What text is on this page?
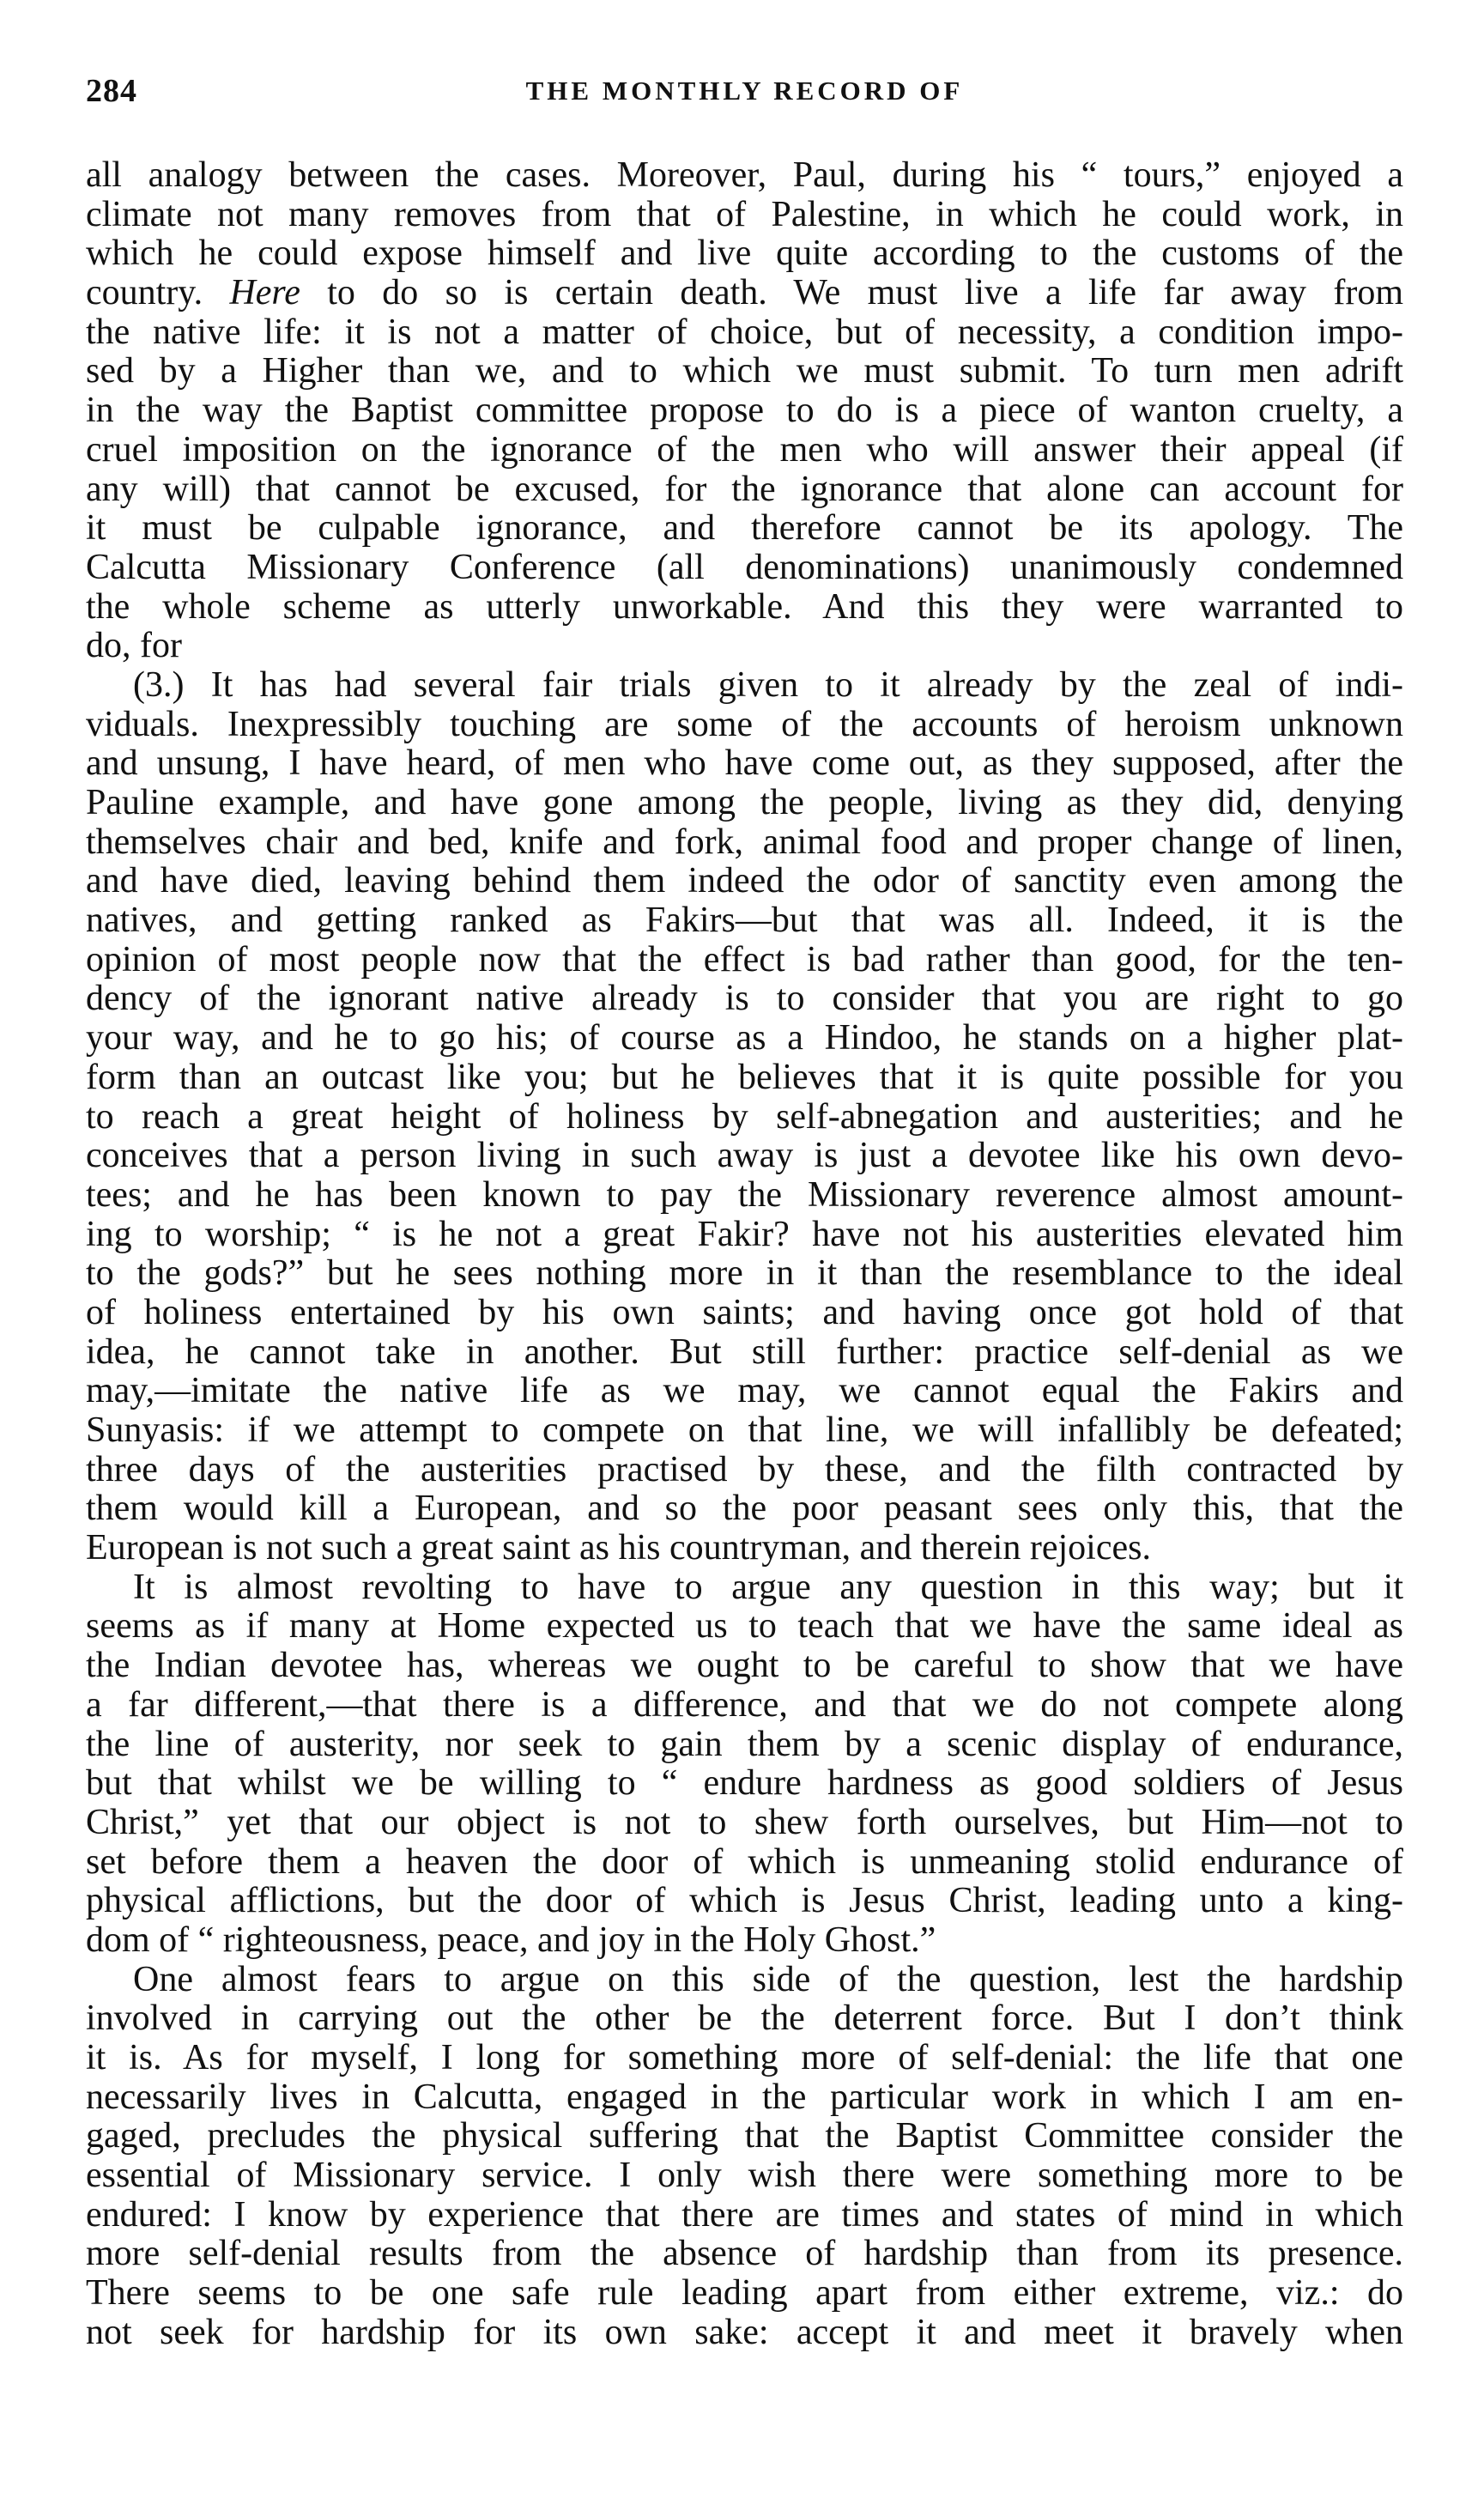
284	THE MONTHLY RECORD OF
all analogy between the cases. Moreover, Paul, during his “ tours,” enjoyed a
climate not many removes from that of Palestine, in which he could work, in
which he could expose himself and live quite according to the customs of the
country. Here to do so is certain death. We must live a life far away from
the native life: it is not a matter of choice, but of necessity, a condition impo-
sed by a Higher than we, and to which we must submit. To turn men adrift
in the way the Baptist committee propose to do is a piece of wanton cruelty, a
cruel imposition on the ignorance of the men who will answer their appeal (if
any will) that cannot be excused, for the ignorance that alone can account for
it must be culpable ignorance, and therefore cannot be its apology. The
Calcutta Missionary Conference (all denominations) unanimously condemned
the whole scheme as utterly unworkable. And this they were warranted to
do, for
(3.) It has had several fair trials given to it already by the zeal of indi-
viduals. Inexpressibly touching are some of the accounts of heroism unknown
and unsung, I have heard, of men who have come out, as they supposed, after the
Pauline example, and have gone among the people, living as they did, denying
themselves chair and bed, knife and fork, animal food and proper change of linen,
and have died, leaving behind them indeed the odor of sanctity even among the
natives, and getting ranked as Fakirs—but that was all. Indeed, it is the
opinion of most people now that the effect is bad rather than good, for the ten-
dency of the ignorant native already is to consider that you are right to go
your way, and he to go his; of course as a Hindoo, he stands on a higher plat-
form than an outcast like you; but he believes that it is quite possible for you
to reach a great height of holiness by self-abnegation and austerities; and he
conceives that a person living in such away is just a devotee like his own devo-
tees; and he has been known to pay the Missionary reverence almost amount-
ing to worship; “ is he not a great Fakir? have not his austerities elevated him
to the gods?” but he sees nothing more in it than the resemblance to the ideal
of holiness entertained by his own saints; and having once got hold of that
idea, he cannot take in another. But still further: practice self-denial as we
may,—imitate the native life as we may, we cannot equal the Fakirs and
Sunyasis: if we attempt to compete on that line, we will infallibly be defeated;
three days of the austerities practised by these, and the filth contracted by
them would kill a European, and so the poor peasant sees only this, that the
European is not such a great saint as his countryman, and therein rejoices.
It is almost revolting to have to argue any question in this way; but it
seems as if many at Home expected us to teach that we have the same ideal as
the Indian devotee has, whereas we ought to be careful to show that we have
a far different,—that there is a difference, and that we do not compete along
the line of austerity, nor seek to gain them by a scenic display of endurance,
but that whilst we be willing to “ endure hardness as good soldiers of Jesus
Christ,” yet that our object is not to shew forth ourselves, but Him—not to
set before them a heaven the door of which is unmeaning stolid endurance of
physical afflictions, but the door of which is Jesus Christ, leading unto a king-
dom of “ righteousness, peace, and joy in the Holy Ghost.”
One almost fears to argue on this side of the question, lest the hardship
involved in carrying out the other be the deterrent force. But I don’t think
it is. As for myself, I long for something more of self-denial: the life that one
necessarily lives in Calcutta, engaged in the particular work in which I am en-
gaged, precludes the physical suffering that the Baptist Committee consider the
essential of Missionary service. I only wish there were something more to be
endured: I know by experience that there are times and states of mind in which
more self-denial results from the absence of hardship than from its presence.
There seems to be one safe rule leading apart from either extreme, viz.: do
not seek for hardship for its own sake: accept it and meet it bravely when
